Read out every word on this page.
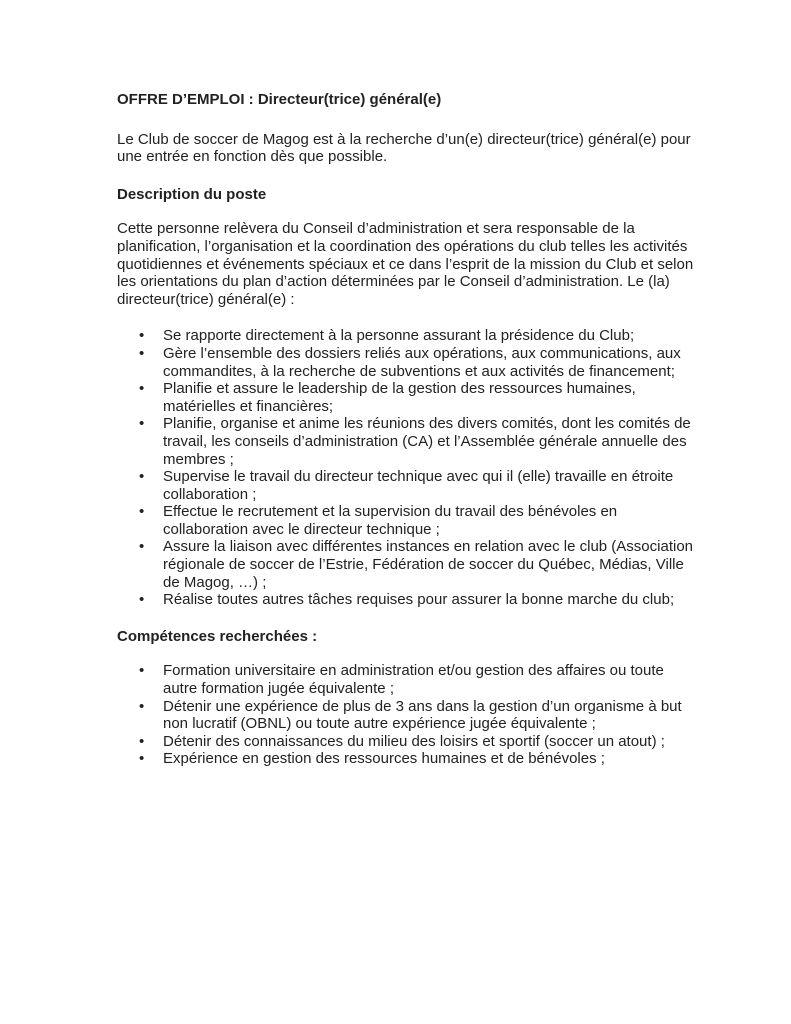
OFFRE D’EMPLOI : Directeur(trice) général(e)

Le Club de soccer de Magog est à la recherche d’un(e) directeur(trice) général(e) pour une entrée en fonction dès que possible.

Description du poste

Cette personne relèvera du Conseil d’administration et sera responsable de la planification, l’organisation et la coordination des opérations du club telles les activités quotidiennes et événements spéciaux et ce dans l’esprit de la mission du Club et selon les orientations du plan d’action déterminées par le Conseil d’administration. Le (la) directeur(trice) général(e) :

• Se rapporte directement à la personne assurant la présidence du Club;
• Gère l’ensemble des dossiers reliés aux opérations, aux communications, aux commandites, à la recherche de subventions et aux activités de financement;
• Planifie et assure le leadership de la gestion des ressources humaines, matérielles et financières;
• Planifie, organise et anime les réunions des divers comités, dont les comités de travail, les conseils d’administration (CA) et l’Assemblée générale annuelle des membres ;
• Supervise le travail du directeur technique avec qui il (elle) travaille en étroite collaboration ;
• Effectue le recrutement et la supervision du travail des bénévoles en collaboration avec le directeur technique ;
• Assure la liaison avec différentes instances en relation avec le club (Association régionale de soccer de l’Estrie, Fédération de soccer du Québec, Médias, Ville de Magog, …) ;
• Réalise toutes autres tâches requises pour assurer la bonne marche du club;
Compétences recherchées :
• Formation universitaire en administration et/ou gestion des affaires ou toute autre formation jugée équivalente ;
• Détenir une expérience de plus de 3 ans dans la gestion d’un organisme à but non lucratif (OBNL) ou toute autre expérience jugée équivalente ;
• Détenir des connaissances du milieu des loisirs et sportif (soccer un atout) ;
• Expérience en gestion des ressources humaines et de bénévoles ;
